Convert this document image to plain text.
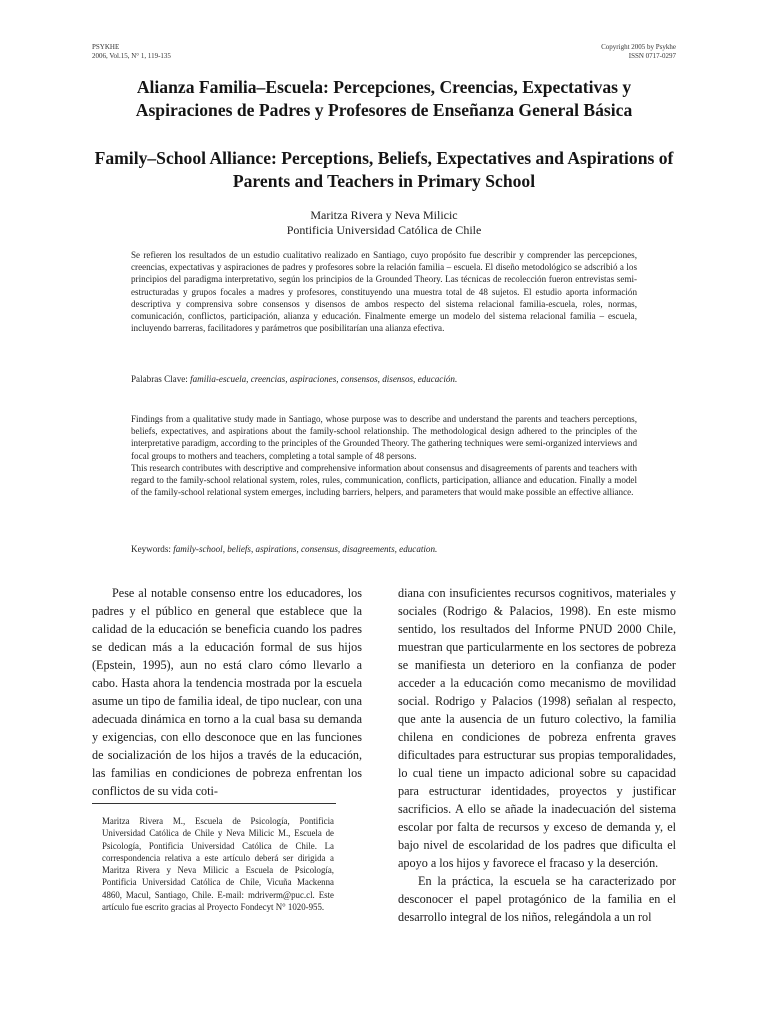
PSYKHE
2006, Vol.15, N° 1, 119-135
Copyright 2005 by Psykhe
ISSN 0717-0297
Alianza Familia–Escuela: Percepciones, Creencias, Expectativas y Aspiraciones de Padres y Profesores de Enseñanza General Básica
Family–School Alliance: Perceptions, Beliefs, Expectatives and Aspirations of Parents and Teachers in Primary School
Maritza Rivera y Neva Milicic
Pontificia Universidad Católica de Chile
Se refieren los resultados de un estudio cualitativo realizado en Santiago, cuyo propósito fue describir y comprender las percepciones, creencias, expectativas y aspiraciones de padres y profesores sobre la relación familia – escuela. El diseño metodológico se adscribió a los principios del paradigma interpretativo, según los principios de la Grounded Theory. Las técnicas de recolección fueron entrevistas semi-estructuradas y grupos focales a madres y profesores, constituyendo una muestra total de 48 sujetos. El estudio aporta información descriptiva y comprensiva sobre consensos y disensos de ambos respecto del sistema relacional familia-escuela, roles, normas, comunicación, conflictos, participación, alianza y educación. Finalmente emerge un modelo del sistema relacional familia – escuela, incluyendo barreras, facilitadores y parámetros que posibilitarían una alianza efectiva.
Palabras Clave: familia-escuela, creencias, aspiraciones, consensos, disensos, educación.

Findings from a qualitative study made in Santiago, whose purpose was to describe and understand the parents and teachers perceptions, beliefs, expectatives, and aspirations about the family-school relationship. The methodological design adhered to the principles of the interpretative paradigm, according to the principles of the Grounded Theory. The gathering techniques were semi-organized interviews and focal groups to mothers and teachers, completing a total sample of 48 persons.

This research contributes with descriptive and comprehensive information about consensus and disagreements of parents and teachers with regard to the family-school relational system, roles, rules, communication, conflicts, participation, alliance and education. Finally a model of the family-school relational system emerges, including barriers, helpers, and parameters that would make possible an effective alliance.

Keywords: family-school, beliefs, aspirations, consensus, disagreements, education.
Pese al notable consenso entre los educadores, los padres y el público en general que establece que la calidad de la educación se beneficia cuando los padres se dedican más a la educación formal de sus hijos (Epstein, 1995), aun no está claro cómo llevarlo a cabo. Hasta ahora la tendencia mostrada por la escuela asume un tipo de familia ideal, de tipo nuclear, con una adecuada dinámica en torno a la cual basa su demanda y exigencias, con ello desconoce que en las funciones de socialización de los hijos a través de la educación, las familias en condiciones de pobreza enfrentan los conflictos de su vida coti-
Maritza Rivera M., Escuela de Psicología, Pontificia Universidad Católica de Chile y Neva Milicic M., Escuela de Psicología, Pontificia Universidad Católica de Chile. La correspondencia relativa a este artículo deberá ser dirigida a Maritza Rivera y Neva Milicic a Escuela de Psicología, Pontificia Universidad Católica de Chile, Vicuña Mackenna 4860, Macul, Santiago, Chile. E-mail: mdriverm@puc.cl. Este artículo fue escrito gracias al Proyecto Fondecyt N° 1020-955.

diana con insuficientes recursos cognitivos, materiales y sociales (Rodrigo & Palacios, 1998). En este mismo sentido, los resultados del Informe PNUD 2000 Chile, muestran que particularmente en los sectores de pobreza se manifiesta un deterioro en la confianza de poder acceder a la educación como mecanismo de movilidad social. Rodrigo y Palacios (1998) señalan al respecto, que ante la ausencia de un futuro colectivo, la familia chilena en condiciones de pobreza enfrenta graves dificultades para estructurar sus propias temporalidades, lo cual tiene un impacto adicional sobre su capacidad para estructurar identidades, proyectos y justificar sacrificios. A ello se añade la inadecuación del sistema escolar por falta de recursos y exceso de demanda y, el bajo nivel de escolaridad de los padres que dificulta el apoyo a los hijos y favorece el fracaso y la deserción.

En la práctica, la escuela se ha caracterizado por desconocer el papel protagónico de la familia en el desarrollo integral de los niños, relegándola a un rol
